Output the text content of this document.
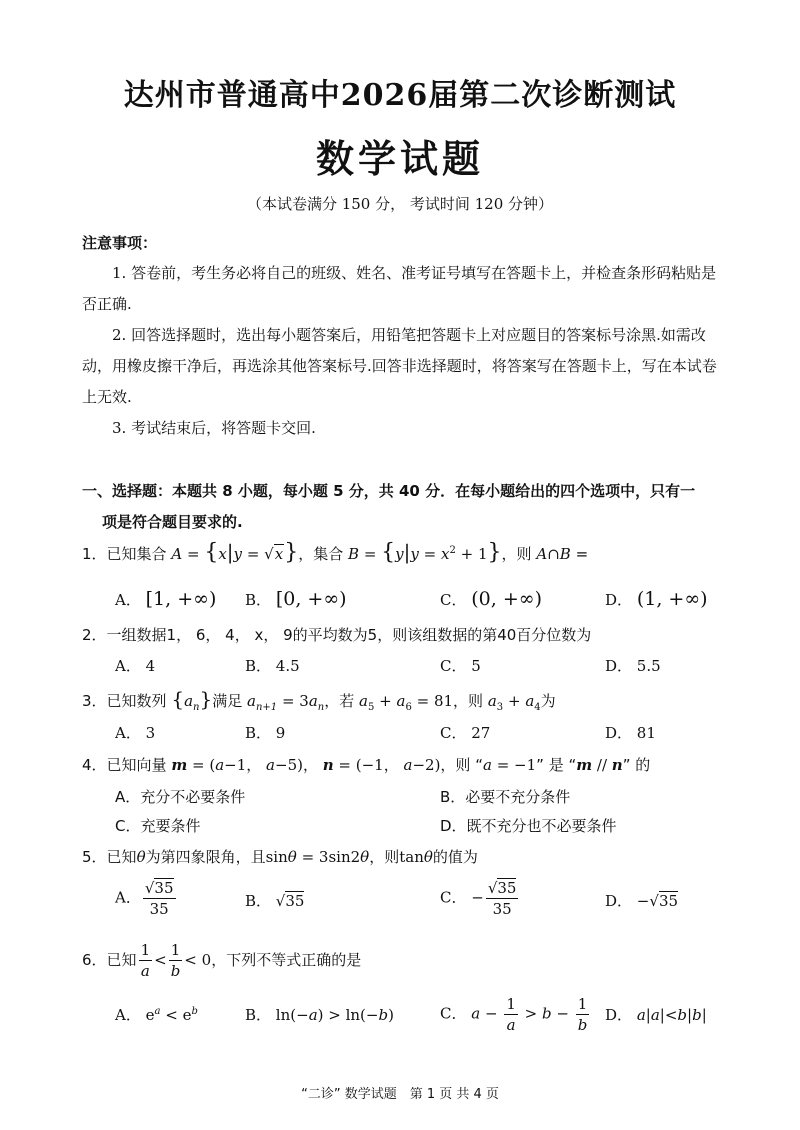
达州市普通高中2026届第二次诊断测试
数学试题
（本试卷满分 150 分， 考试时间 120 分钟）
注意事项：
1. 答卷前，考生务必将自己的班级、姓名、准考证号填写在答题卡上，并检查条形码粘贴是否正确.
2. 回答选择题时，选出每小题答案后，用铅笔把答题卡上对应题目的答案标号涂黑.如需改动，用橡皮擦干净后，再选涂其他答案标号.回答非选择题时，将答案写在答题卡上，写在本试卷上无效.
3. 考试结束后，将答题卡交回.
一、选择题：本题共 8 小题，每小题 5 分，共 40 分．在每小题给出的四个选项中，只有一
项是符合题目要求的.
1．已知集合 A = {x|y = √x}，集合 $B = \{y|y = x^2 + 1\}$，则 A∩B =
A． [1, +∞) B． [0, +∞)	C． (0, +∞)	D． (1, +∞)
2．一组数据1， 6， 4， x， 9的平均数为5，则该组数据的第40百分位数为
A． 4	B． 4.5	C． 5	D． 5.5
3．已知数列 $\{a_n\}$满足 $a_{n+1} = 3a_n$，若 $a_5 + a_6 = 81$，则 $a_3 + a_4$为
A． 3	B． 9	C． 27	D． 81
4．已知向量 m = (a−1， a−5)， n = (−1， a−2)，则 “a = −1” 是 “m // n” 的
A．充分不必要条件	B．必要不充分条件
C．充要条件	D．既不充分也不必要条件
5．已知θ为第四象限角，且sinθ = 3sin2θ，则tanθ的值为
A． $\frac{√35}{35}$	B． √35	C． − $\frac{√35}{35}$	D． −√35
6．已知 $\frac{1}{a} < \frac{1}{b} < 0$，下列不等式正确的是
A． $e^a < e^b$	B． ln(−a) > ln(−b)	C． $a - \frac{1}{a} > b - \frac{1}{b}$ D． a|a|<b|b|
“二诊” 数学试题　第 1 页 共 4 页
